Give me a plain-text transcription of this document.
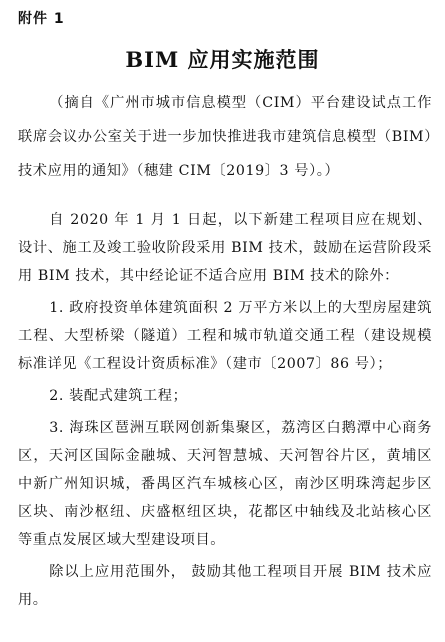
附件 1
BIM 应用实施范围
（摘自《广州市城市信息模型（CIM）平台建设试点工作联席会议办公室关于进一步加快推进我市建筑信息模型（BIM）技术应用的通知》（穗建 CIM〔2019〕3 号）。）

自 2020 年 1 月 1 日起，以下新建工程项目应在规划、设计、施工及竣工验收阶段采用 BIM 技术，鼓励在运营阶段采用 BIM 技术，其中经论证不适合应用 BIM 技术的除外：

1. 政府投资单体建筑面积 2 万平方米以上的大型房屋建筑工程、大型桥梁（隧道）工程和城市轨道交通工程（建设规模标准详见《工程设计资质标准》（建市〔2007〕86 号）；

2. 装配式建筑工程；

3. 海珠区琶洲互联网创新集聚区，荔湾区白鹅潭中心商务区，天河区国际金融城、天河智慧城、天河智谷片区，黄埔区中新广州知识城，番禺区汽车城核心区，南沙区明珠湾起步区区块、南沙枢纽、庆盛枢纽区块，花都区中轴线及北站核心区等重点发展区域大型建设项目。

除以上应用范围外， 鼓励其他工程项目开展 BIM 技术应用。
